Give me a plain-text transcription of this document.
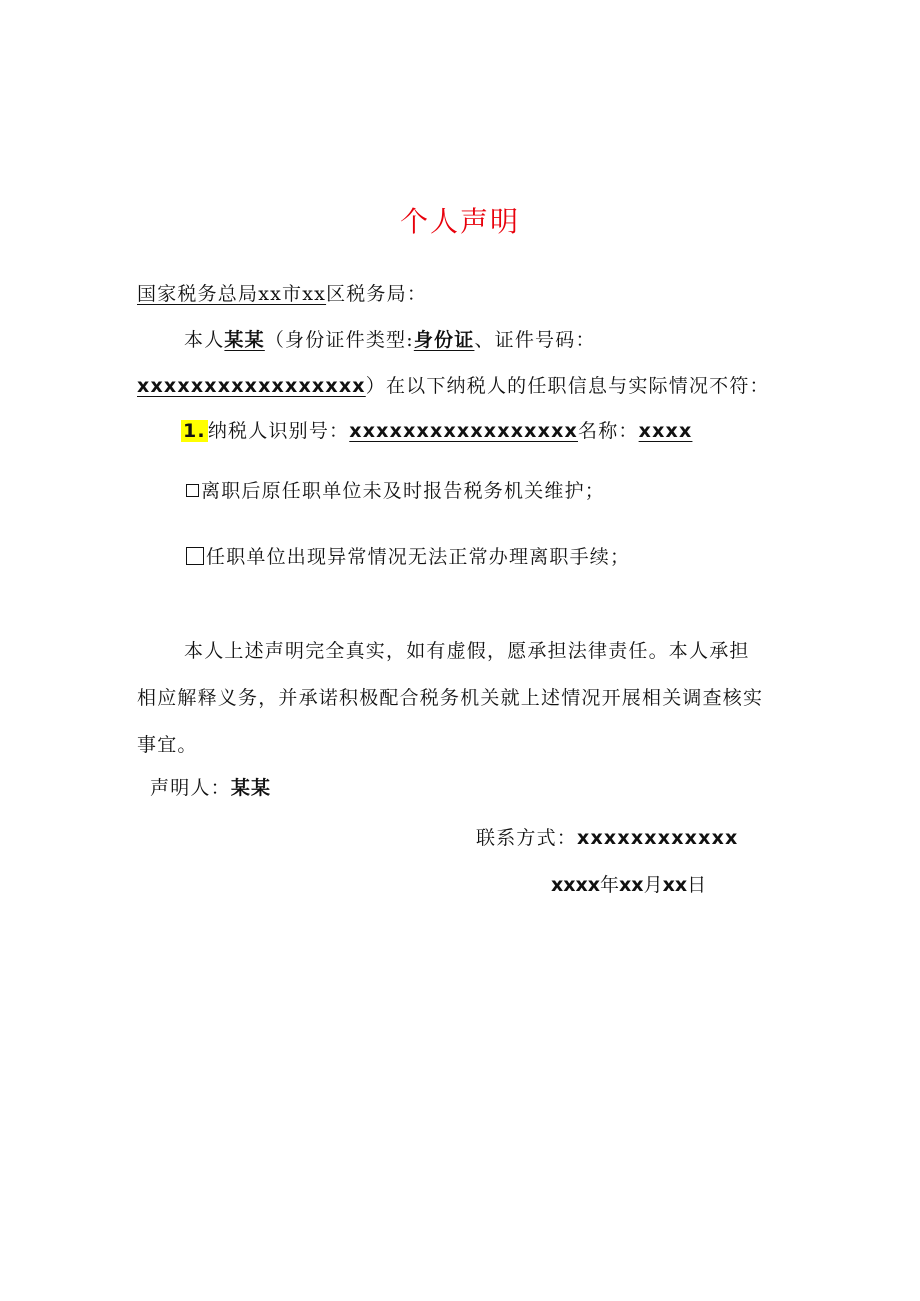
个人声明
国家税务总局xx市xx区税务局：
本人某某（身份证件类型:身份证、证件号码：
xxxxxxxxxxxxxxxxx）在以下纳税人的任职信息与实际情况不符：
1. 纳税人识别号：xxxxxxxxxxxxxxxxx名称：xxxx
离职后原任职单位未及时报告税务机关维护；
任职单位出现异常情况无法正常办理离职手续；
本人上述声明完全真实，如有虚假，愿承担法律责任。本人承担
相应解释义务，并承诺积极配合税务机关就上述情况开展相关调查核实
事宜。
声明人：某某
联系方式：xxxxxxxxxxxx
xxxx年xx月xx日
